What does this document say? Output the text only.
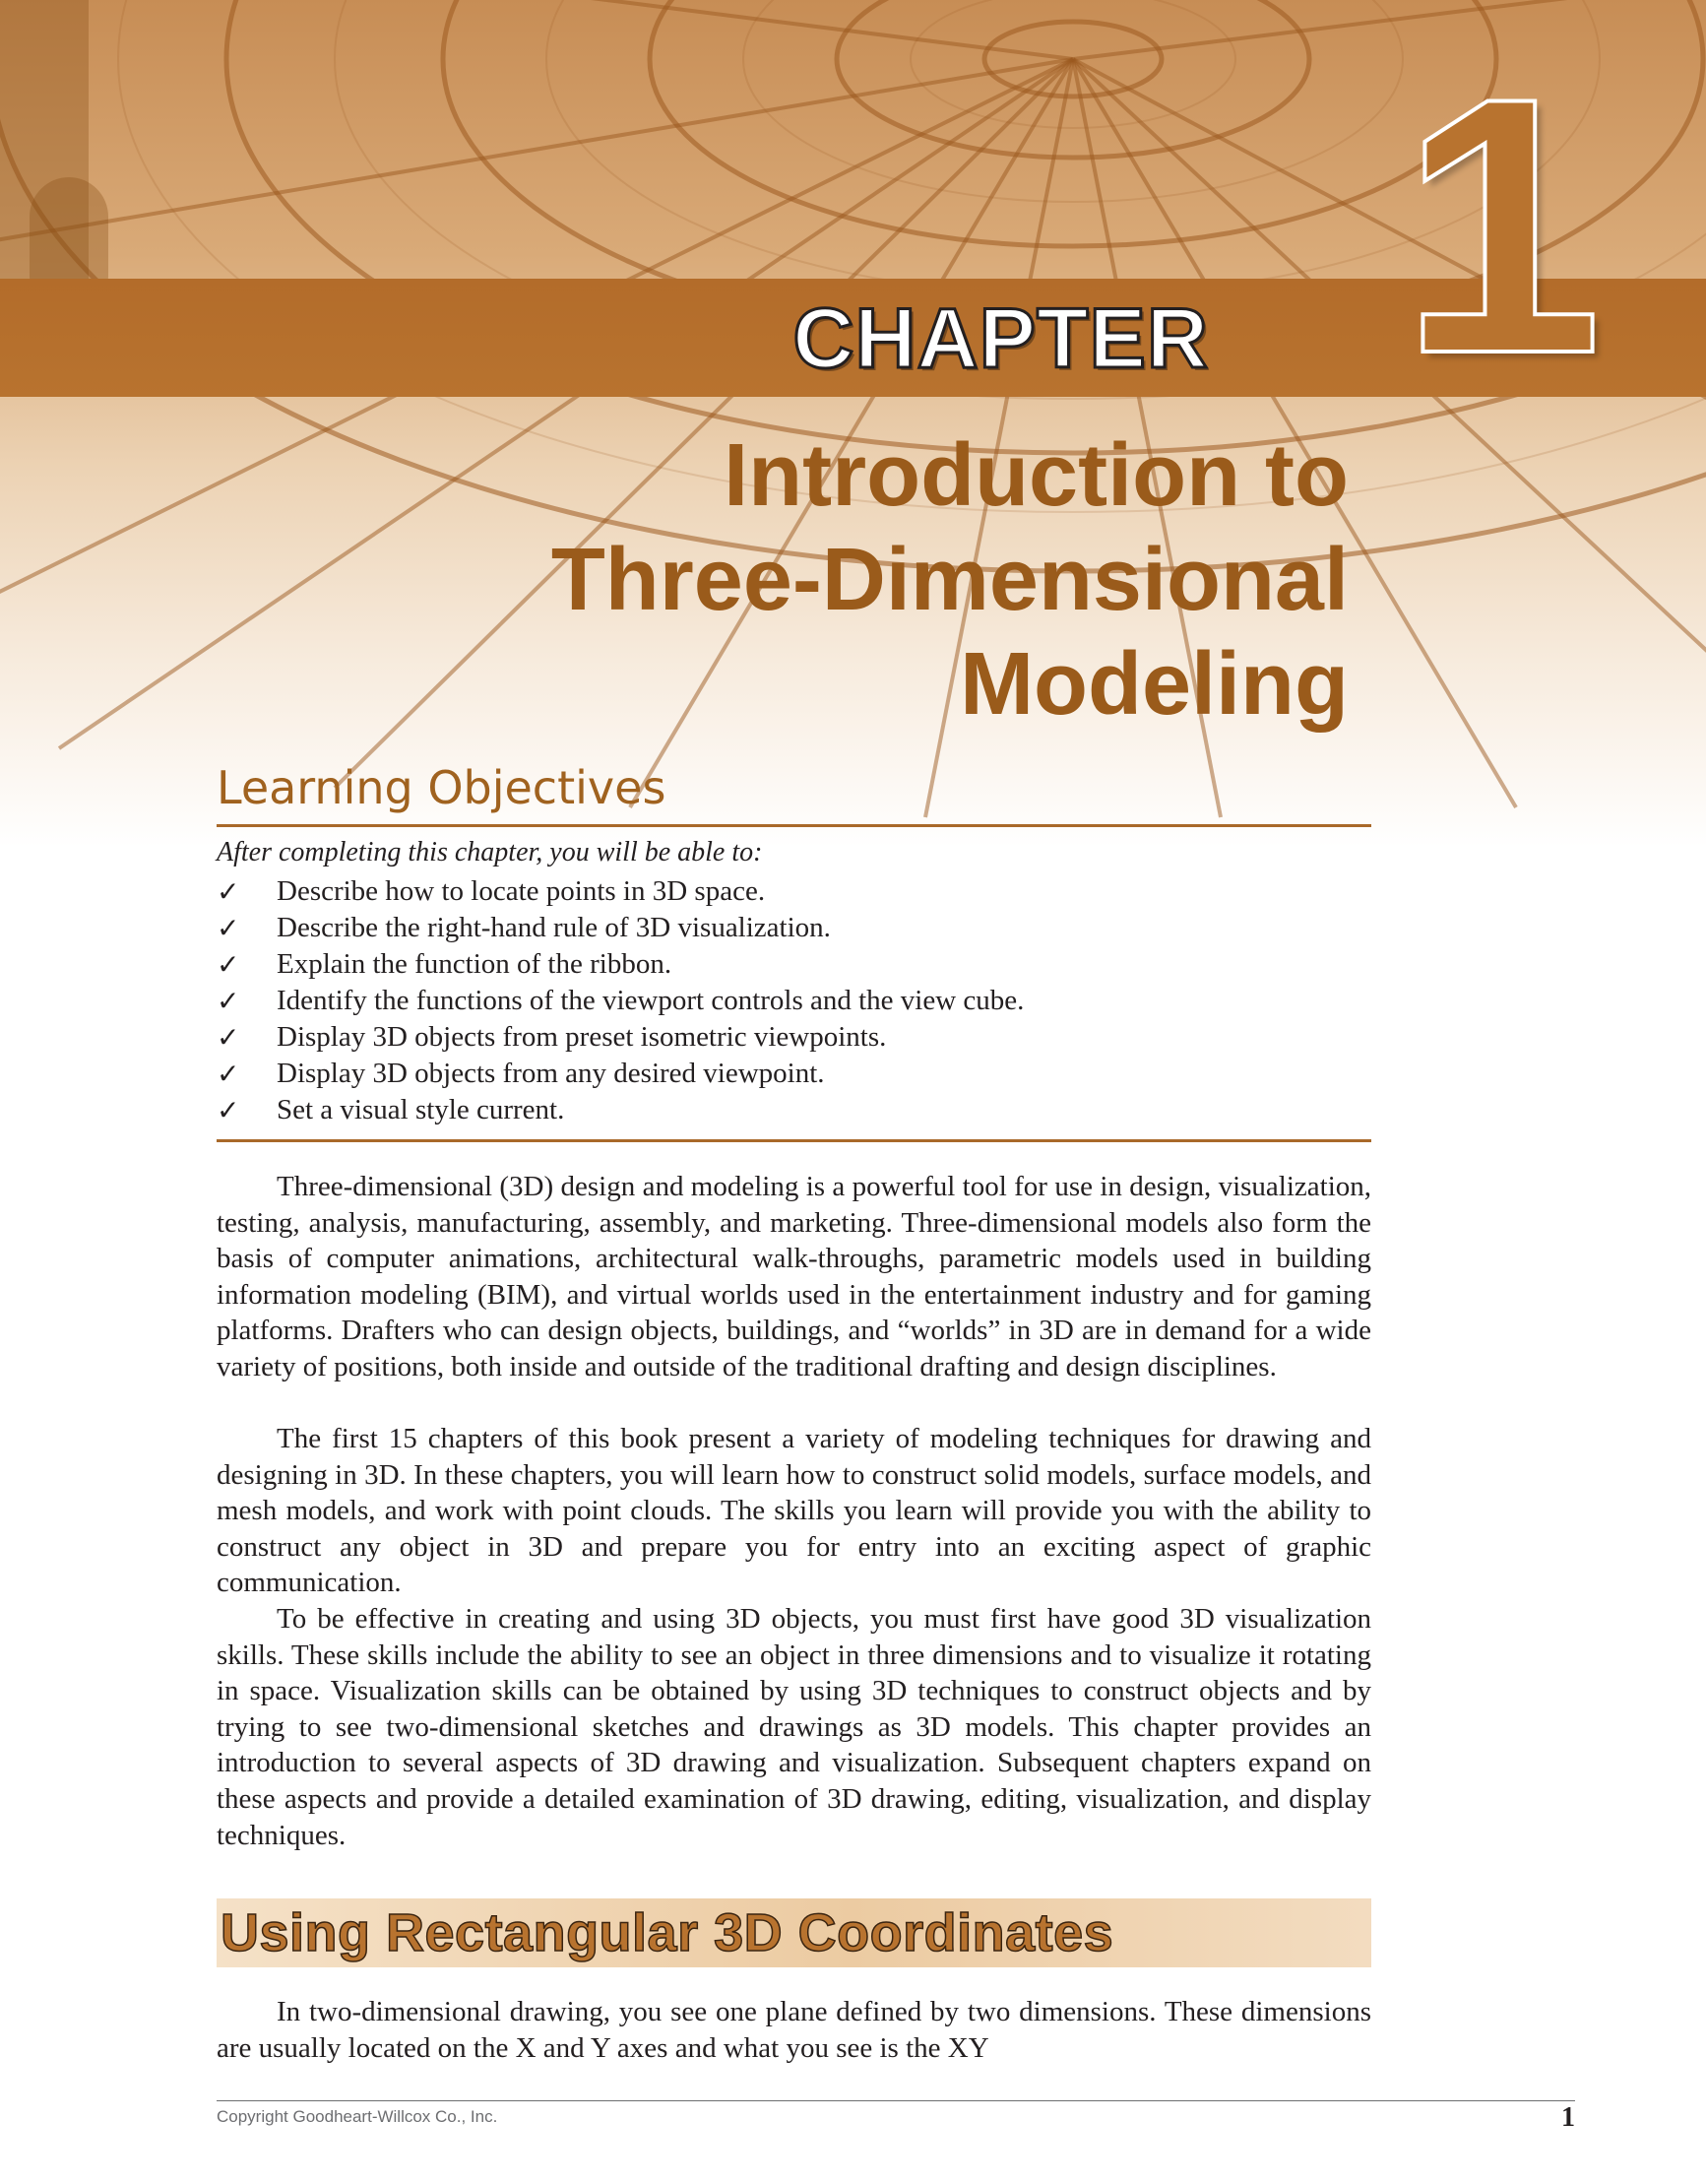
CHAPTER 1
Introduction to
Three-Dimensional
Modeling
Learning Objectives
After completing this chapter, you will be able to:
✓ Describe how to locate points in 3D space.
✓ Describe the right-hand rule of 3D visualization.
✓ Explain the function of the ribbon.
✓ Identify the functions of the viewport controls and the view cube.
✓ Display 3D objects from preset isometric viewpoints.
✓ Display 3D objects from any desired viewpoint.
✓ Set a visual style current.

Three-dimensional (3D) design and modeling is a powerful tool for use in design, visualization, testing, analysis, manufacturing, assembly, and marketing. Three-dimensional models also form the basis of computer animations, architectural walk-throughs, parametric models used in building information modeling (BIM), and virtual worlds used in the entertainment industry and for gaming platforms. Drafters who can design objects, buildings, and “worlds” in 3D are in demand for a wide variety of positions, both inside and outside of the traditional drafting and design disciplines.

The first 15 chapters of this book present a variety of modeling techniques for drawing and designing in 3D. In these chapters, you will learn how to construct solid models, surface models, and mesh models, and work with point clouds. The skills you learn will provide you with the ability to construct any object in 3D and prepare you for entry into an exciting aspect of graphic communication.

To be effective in creating and using 3D objects, you must first have good 3D visualization skills. These skills include the ability to see an object in three dimensions and to visualize it rotating in space. Visualization skills can be obtained by using 3D techniques to construct objects and by trying to see two-dimensional sketches and drawings as 3D models. This chapter provides an introduction to several aspects of 3D drawing and visualization. Subsequent chapters expand on these aspects and provide a detailed examination of 3D drawing, editing, visualization, and display techniques.

Using Rectangular 3D Coordinates

In two-dimensional drawing, you see one plane defined by two dimensions. These dimensions are usually located on the X and Y axes and what you see is the XY

Copyright Goodheart-Willcox Co., Inc.	1
